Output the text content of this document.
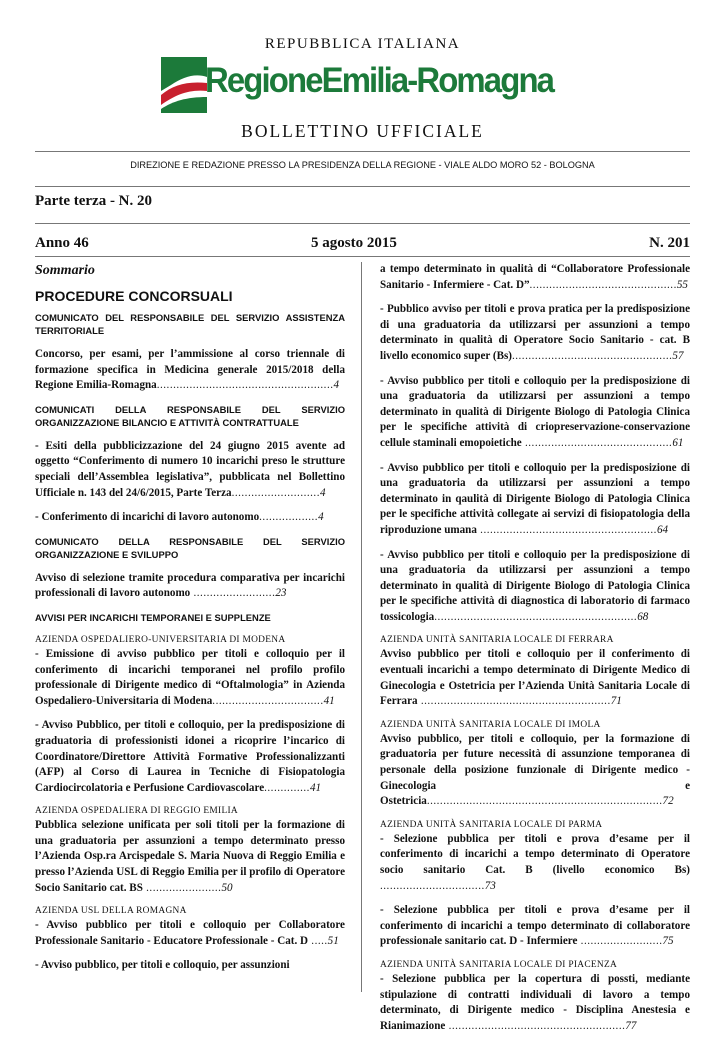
REPUBBLICA ITALIANA
RegioneEmilia-Romagna
BOLLETTINO UFFICIALE
DIREZIONE E REDAZIONE PRESSO LA PRESIDENZA DELLA REGIONE - VIALE ALDO MORO 52 - BOLOGNA
Parte terza - N. 20
Anno 46	5 agosto 2015	N. 201
Sommario
PROCEDURE CONCORSUALI
COMUNICATO DEL RESPONSABILE DEL SERVIZIO ASSISTENZA TERRITORIALE
Concorso, per esami, per l’ammissione al corso triennale di formazione specifica in Medicina generale 2015/2018 della Regione Emilia-Romagna......................................................4
COMUNICATI DELLA RESPONSABILE DEL SERVIZIO ORGANIZZAZIONE BILANCIO E ATTIVITÀ CONTRATTUALE
- Esiti della pubblicizzazione del 24 giugno 2015 avente ad oggetto “Conferimento di numero 10 incarichi preso le strutture speciali dell’Assemblea legislativa”, pubblicata nel Bollettino Ufficiale n. 143 del 24/6/2015, Parte Terza...........................4
- Conferimento di incarichi di lavoro autonomo..................4
COMUNICATO DELLA RESPONSABILE DEL SERVIZIO ORGANIZZAZIONE E SVILUPPO
Avviso di selezione tramite procedura comparativa per incarichi professionali di lavoro autonomo .........................23
AVVISI PER INCARICHI TEMPORANEI E SUPPLENZE
AZIENDA OSPEDALIERO-UNIVERSITARIA DI MODENA
- Emissione di avviso pubblico per titoli e colloquio per il conferimento di incarichi temporanei nel profilo profilo professionale di Dirigente medico di “Oftalmologia” in Azienda Ospedaliero-Universitaria di Modena..................................41
- Avviso Pubblico, per titoli e colloquio, per la predisposizione di graduatoria di professionisti idonei a ricoprire l’incarico di Coordinatore/Direttore Attività Formative Professionalizzanti (AFP) al Corso di Laurea in Tecniche di Fisiopatologia Cardiocircolatoria e Perfusione Cardiovascolare..............41
AZIENDA OSPEDALIERA DI REGGIO EMILIA
Pubblica selezione unificata per soli titoli per la formazione di una graduatoria per assunzioni a tempo determinato presso l’Azienda Osp.ra Arcispedale S. Maria Nuova di Reggio Emilia e presso l’Azienda USL di Reggio Emilia per il profilo di Operatore Socio Sanitario cat. BS .......................50
AZIENDA USL DELLA ROMAGNA
- Avviso pubblico per titoli e colloquio per Collaboratore Professionale Sanitario - Educatore Professionale - Cat. D .....51
- Avviso pubblico, per titoli e colloquio, per assunzioni
a tempo determinato in qualità di “Collaboratore Professionale Sanitario - Infermiere - Cat. D”.............................................55
- Pubblico avviso per titoli e prova pratica per la predisposizione di una graduatoria da utilizzarsi per assunzioni a tempo determinato in qualità di Operatore Socio Sanitario - cat. B livello economico super (Bs).................................................57
- Avviso pubblico per titoli e colloquio per la predisposizione di una graduatoria da utilizzarsi per assunzioni a tempo determinato in qualità di Dirigente Biologo di Patologia Clinica per le specifiche attività di criopreservazione-conservazione cellule staminali emopoietiche .............................................61
- Avviso pubblico per titoli e colloquio per la predisposizione di una graduatoria da utilizzarsi per assunzioni a tempo determinato in qaulità di Dirigente Biologo di Patologia Clinica per le specifiche attività collegate ai servizi di fisiopatologia della riproduzione umana ......................................................64
- Avviso pubblico per titoli e colloquio per la predisposizione di una graduatoria da utilizzarsi per assunzioni a tempo determinato in qualità di Dirigente Biologo di Patologia Clinica per le specifiche attività di diagnostica di laboratorio di farmaco tossicologia..............................................................68
AZIENDA UNITÀ SANITARIA LOCALE DI FERRARA
Avviso pubblico per titoli e colloquio per il conferimento di eventuali incarichi a tempo determinato di Dirigente Medico di Ginecologia e Ostetricia per l’Azienda Unità Sanitaria Locale di Ferrara ..........................................................71
AZIENDA UNITÀ SANITARIA LOCALE DI IMOLA
Avviso pubblico, per titoli e colloquio, per la formazione di graduatoria per future necessità di assunzione temporanea di personale della posizione funzionale di Dirigente medico - Ginecologia e Ostetricia........................................................................72
AZIENDA UNITÀ SANITARIA LOCALE DI PARMA
- Selezione pubblica per titoli e prova d’esame per il conferimento di incarichi a tempo determinato di Operatore socio sanitario Cat. B (livello economico Bs) ................................73
- Selezione pubblica per titoli e prova d’esame per il conferimento di incarichi a tempo determinato di collaboratore professionale sanitario cat. D - Infermiere .........................75
AZIENDA UNITÀ SANITARIA LOCALE DI PIACENZA
- Selezione pubblica per la copertura di possti, mediante stipulazione di contratti individuali di lavoro a tempo determinato, di Dirigente medico - Disciplina Anestesia e Rianimazione ......................................................77
